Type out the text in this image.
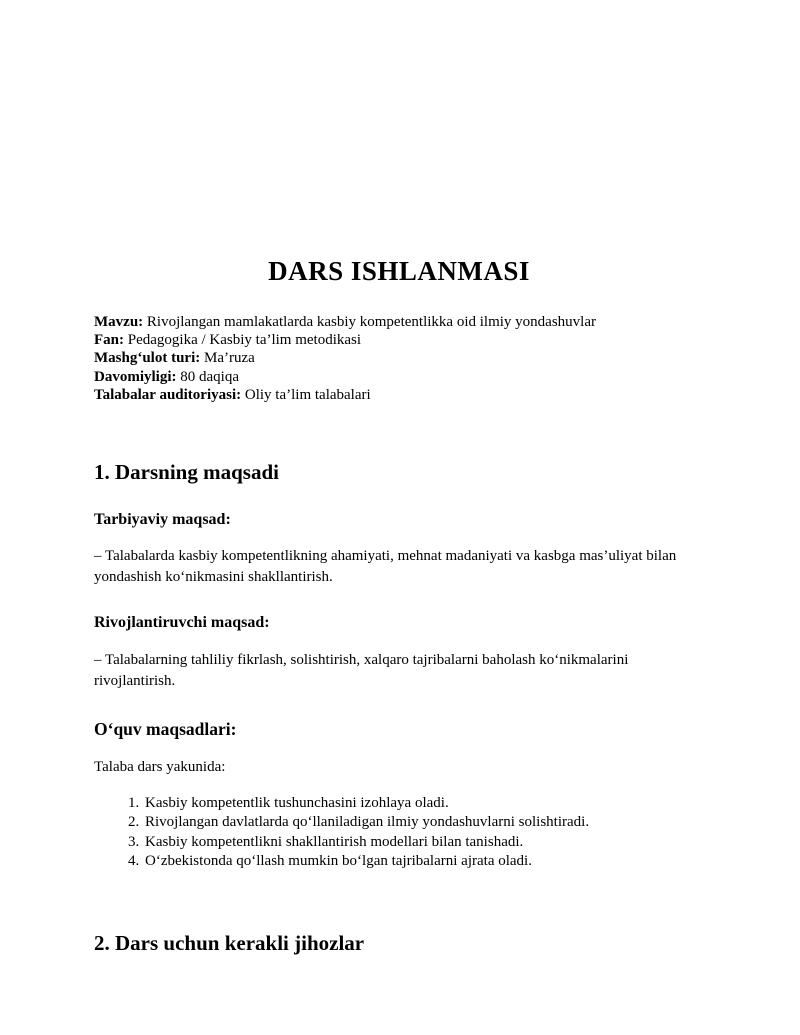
DARS ISHLANMASI

Mavzu: Rivojlangan mamlakatlarda kasbiy kompetentlikka oid ilmiy yondashuvlar

Fan: Pedagogika / Kasbiy ta’lim metodikasi

Mashg‘ulot turi: Ma’ruza

Davomiyligi: 80 daqiqa

Talabalar auditoriyasi: Oliy ta’lim talabalari

1. Darsning maqsadi
Tarbiyaviy maqsad:

– Talabalarda kasbiy kompetentlikning ahamiyati, mehnat madaniyati va kasbga mas’uliyat bilan yondashish ko‘nikmasini shakllantirish.

Rivojlantiruvchi maqsad:

– Talabalarning tahliliy fikrlash, solishtirish, xalqaro tajribalarni baholash ko‘nikmalarini rivojlantirish.

O‘quv maqsadlari:

Talaba dars yakunida:

1. Kasbiy kompetentlik tushunchasini izohlaya oladi.
2. Rivojlangan davlatlarda qo‘llaniladigan ilmiy yondashuvlarni solishtiradi.
3. Kasbiy kompetentlikni shakllantirish modellari bilan tanishadi.
4. O‘zbekistonda qo‘llash mumkin bo‘lgan tajribalarni ajrata oladi.
2. Dars uchun kerakli jihozlar
